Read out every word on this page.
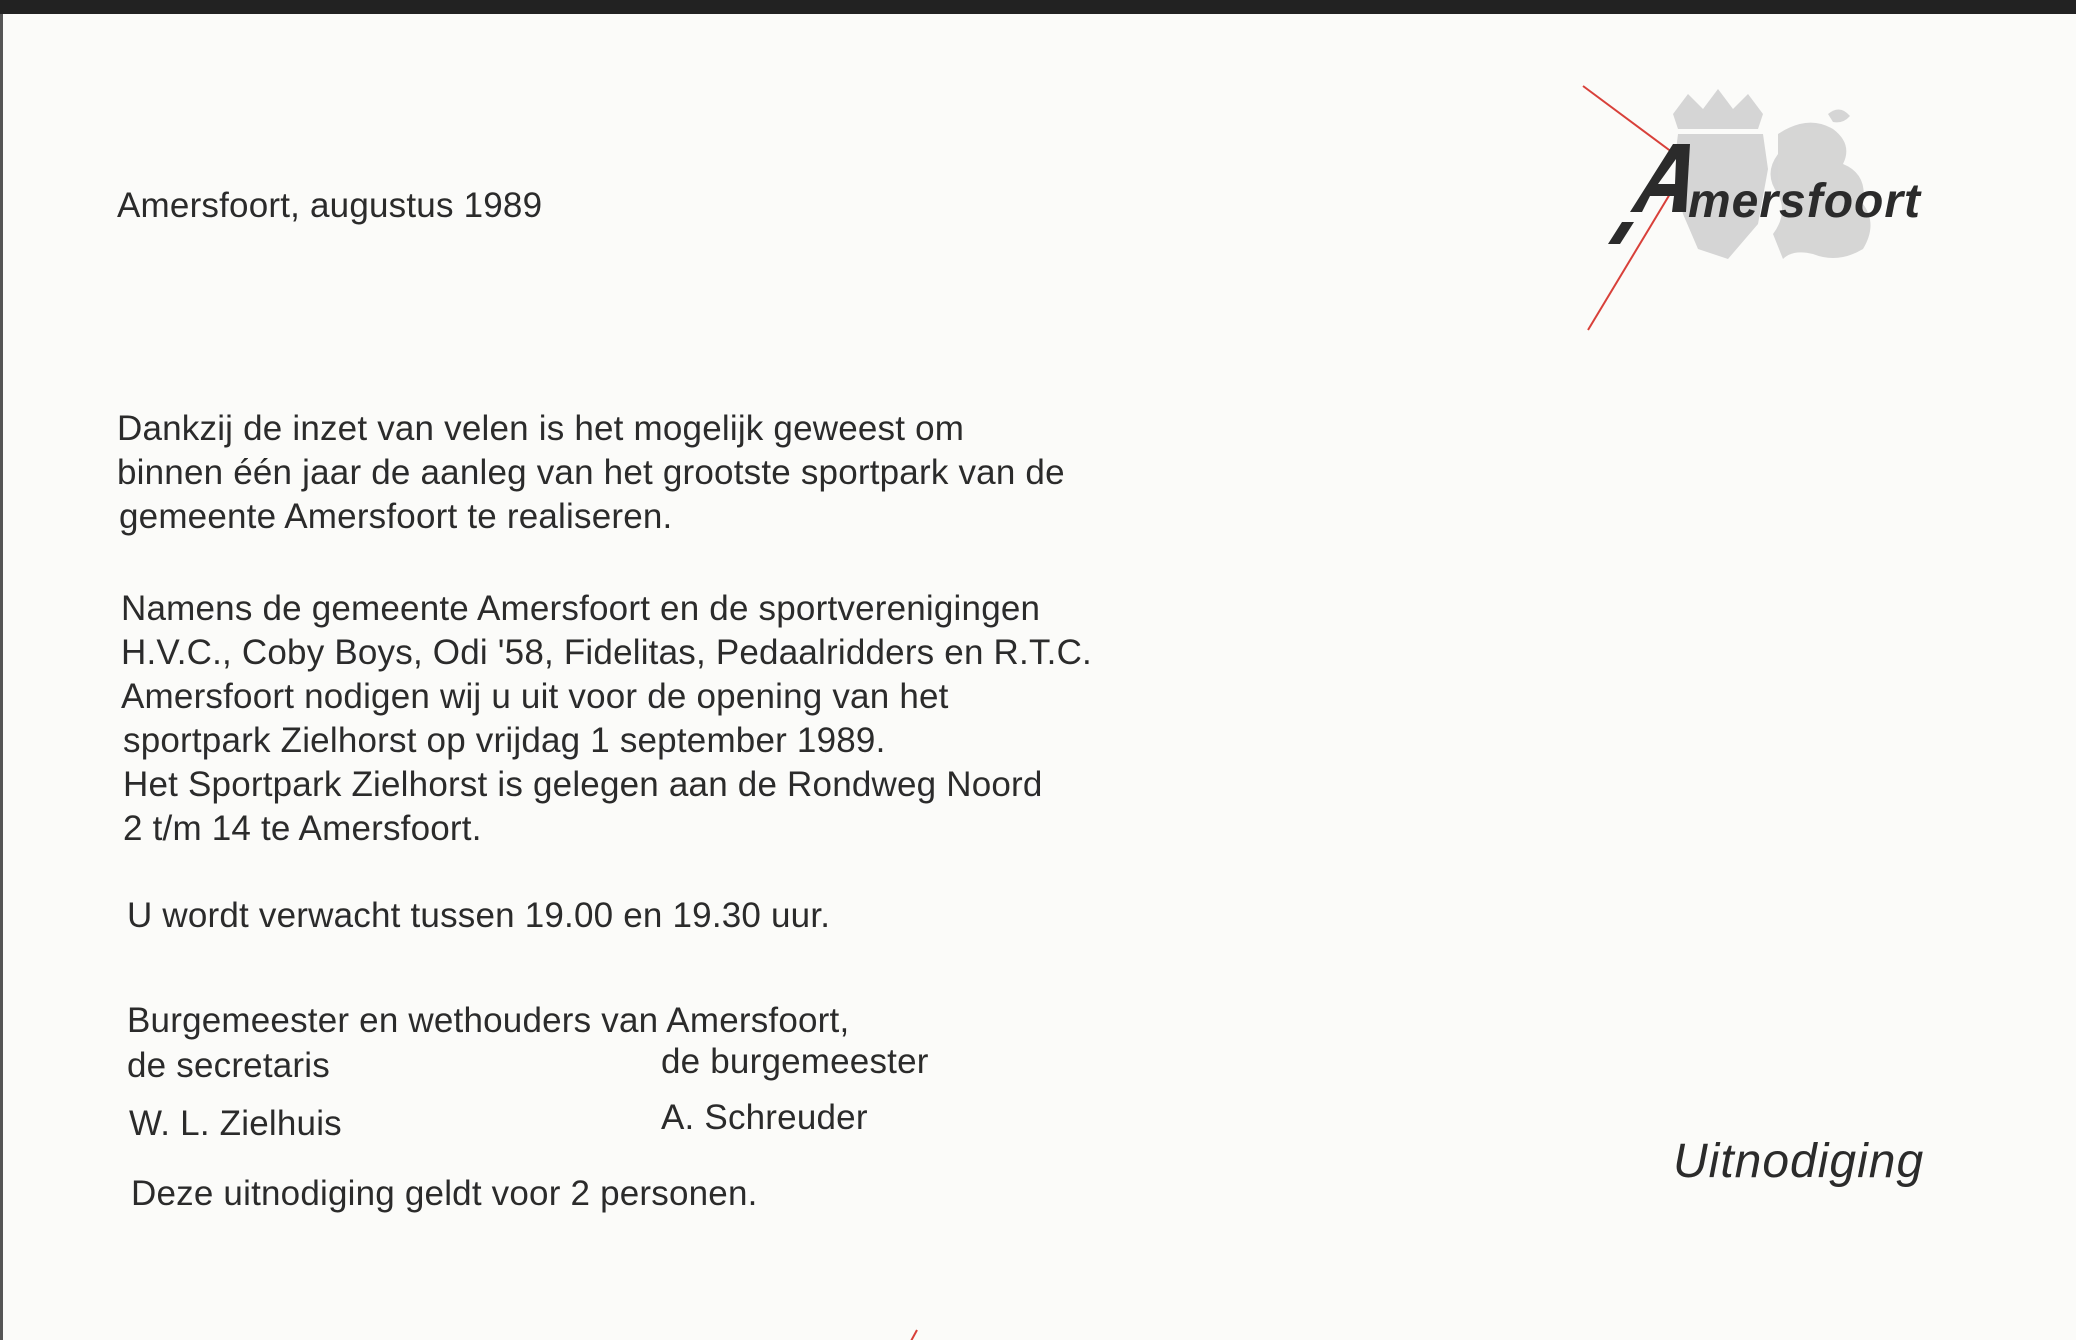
mersfoort
Amersfoort, augustus 1989
Dankzij de inzet van velen is het mogelijk geweest om
binnen één jaar de aanleg van het grootste sportpark van de
gemeente Amersfoort te realiseren.
Namens de gemeente Amersfoort en de sportverenigingen
H.V.C., Coby Boys, Odi '58, Fidelitas, Pedaalridders en R.T.C.
Amersfoort nodigen wij u uit voor de opening van het
sportpark Zielhorst op vrijdag 1 september 1989.
Het Sportpark Zielhorst is gelegen aan de Rondweg Noord
2 t/m 14 te Amersfoort.
U wordt verwacht tussen 19.00 en 19.30 uur.
Burgemeester en wethouders van Amersfoort,
de secretaris	de burgemeester
W. L. Zielhuis	A. Schreuder
Deze uitnodiging geldt voor 2 personen.
Uitnodiging
